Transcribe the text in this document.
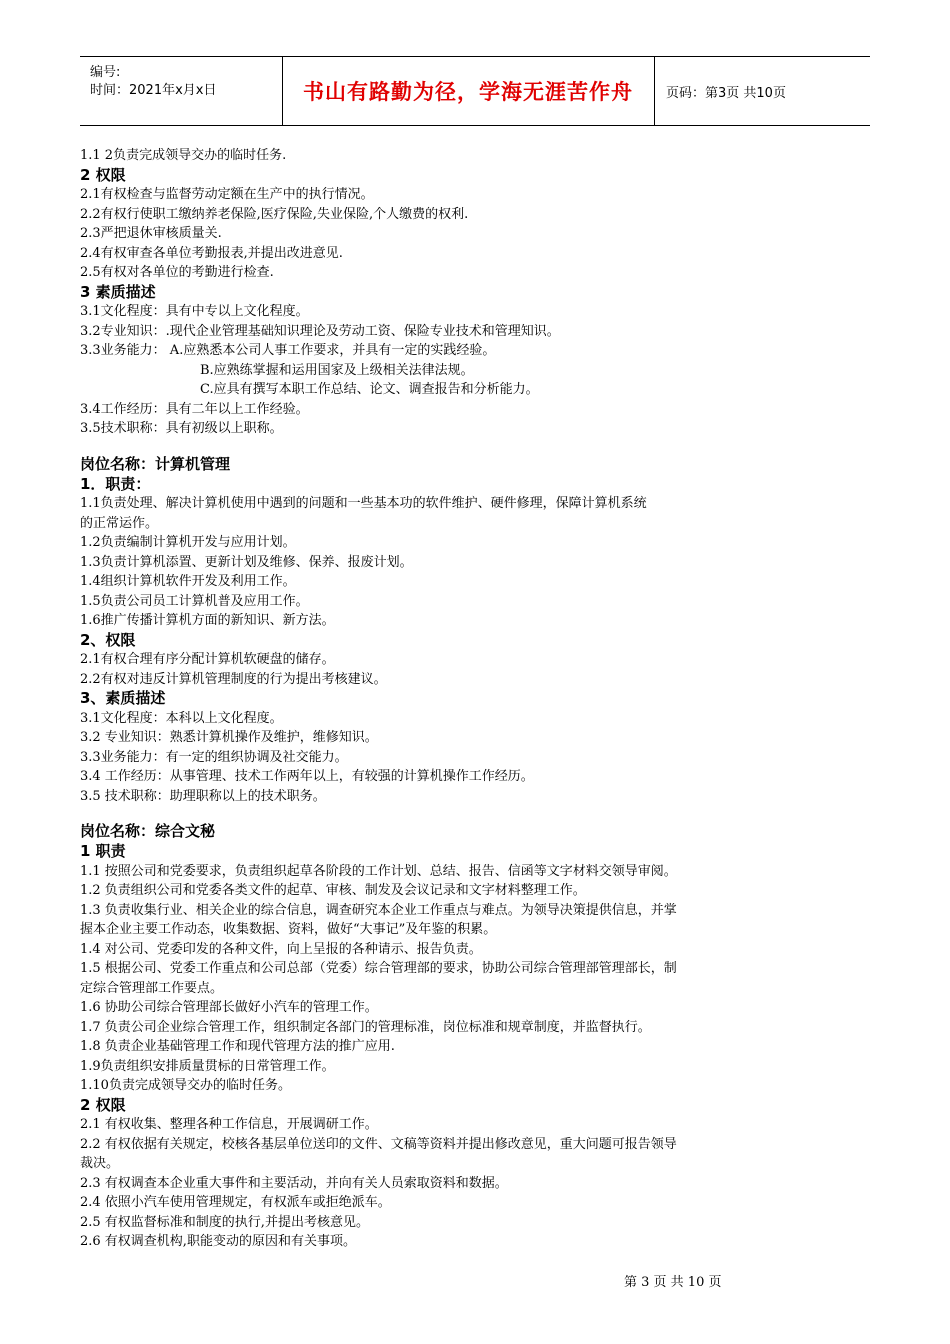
编号:
时间：2021年x月x日	书山有路勤为径，学海无涯苦作舟	页码：第3页 共10页
1.1 2负责完成领导交办的临时任务.
2 权限
2.1有权检查与监督劳动定额在生产中的执行情况。
2.2有权行使职工缴纳养老保险,医疗保险,失业保险,个人缴费的权利.
2.3严把退休审核质量关.
2.4有权审查各单位考勤报表,并提出改进意见.
2.5有权对各单位的考勤进行检查.
3 素质描述
3.1文化程度：具有中专以上文化程度。
3.2专业知识：.现代企业管理基础知识理论及劳动工资、保险专业技术和管理知识。
3.3业务能力： A.应熟悉本公司人事工作要求，并具有一定的实践经验。
B.应熟练掌握和运用国家及上级相关法律法规。
C.应具有撰写本职工作总结、论文、调查报告和分析能力。
3.4工作经历：具有二年以上工作经验。
3.5技术职称：具有初级以上职称。
岗位名称：计算机管理
1．职责：
1.1负责处理、解决计算机使用中遇到的问题和一些基本功的软件维护、硬件修理，保障计算机系统
的正常运作。
1.2负责编制计算机开发与应用计划。
1.3负责计算机添置、更新计划及维修、保养、报废计划。
1.4组织计算机软件开发及利用工作。
1.5负责公司员工计算机普及应用工作。
1.6推广传播计算机方面的新知识、新方法。
2、权限
2.1有权合理有序分配计算机软硬盘的储存。
2.2有权对违反计算机管理制度的行为提出考核建议。
3、素质描述
3.1文化程度：本科以上文化程度。
3.2 专业知识：熟悉计算机操作及维护，维修知识。
3.3业务能力：有一定的组织协调及社交能力。
3.4 工作经历：从事管理、技术工作两年以上，有较强的计算机操作工作经历。
3.5 技术职称：助理职称以上的技术职务。
岗位名称：综合文秘
1 职责
1.1 按照公司和党委要求，负责组织起草各阶段的工作计划、总结、报告、信函等文字材料交领导审阅。
1.2 负责组织公司和党委各类文件的起草、审核、制发及会议记录和文字材料整理工作。
1.3 负责收集行业、相关企业的综合信息，调查研究本企业工作重点与难点。为领导决策提供信息，并掌
握本企业主要工作动态，收集数据、资料，做好“大事记”及年鉴的积累。
1.4 对公司、党委印发的各种文件，向上呈报的各种请示、报告负责。
1.5 根据公司、党委工作重点和公司总部（党委）综合管理部的要求，协助公司综合管理部管理部长，制
定综合管理部工作要点。
1.6 协助公司综合管理部长做好小汽车的管理工作。
1.7 负责公司企业综合管理工作，组织制定各部门的管理标准，岗位标准和规章制度，并监督执行。
1.8 负责企业基础管理工作和现代管理方法的推广应用.
1.9负责组织安排质量贯标的日常管理工作。
1.10负责完成领导交办的临时任务。
2 权限
2.1 有权收集、整理各种工作信息，开展调研工作。
2.2 有权依据有关规定，校核各基层单位送印的文件、文稿等资料并提出修改意见，重大问题可报告领导
裁决。
2.3 有权调查本企业重大事件和主要活动，并向有关人员索取资料和数据。
2.4 依照小汽车使用管理规定，有权派车或拒绝派车。
2.5 有权监督标准和制度的执行,并提出考核意见。
2.6 有权调查机构,职能变动的原因和有关事项。
第 3 页 共 10 页
